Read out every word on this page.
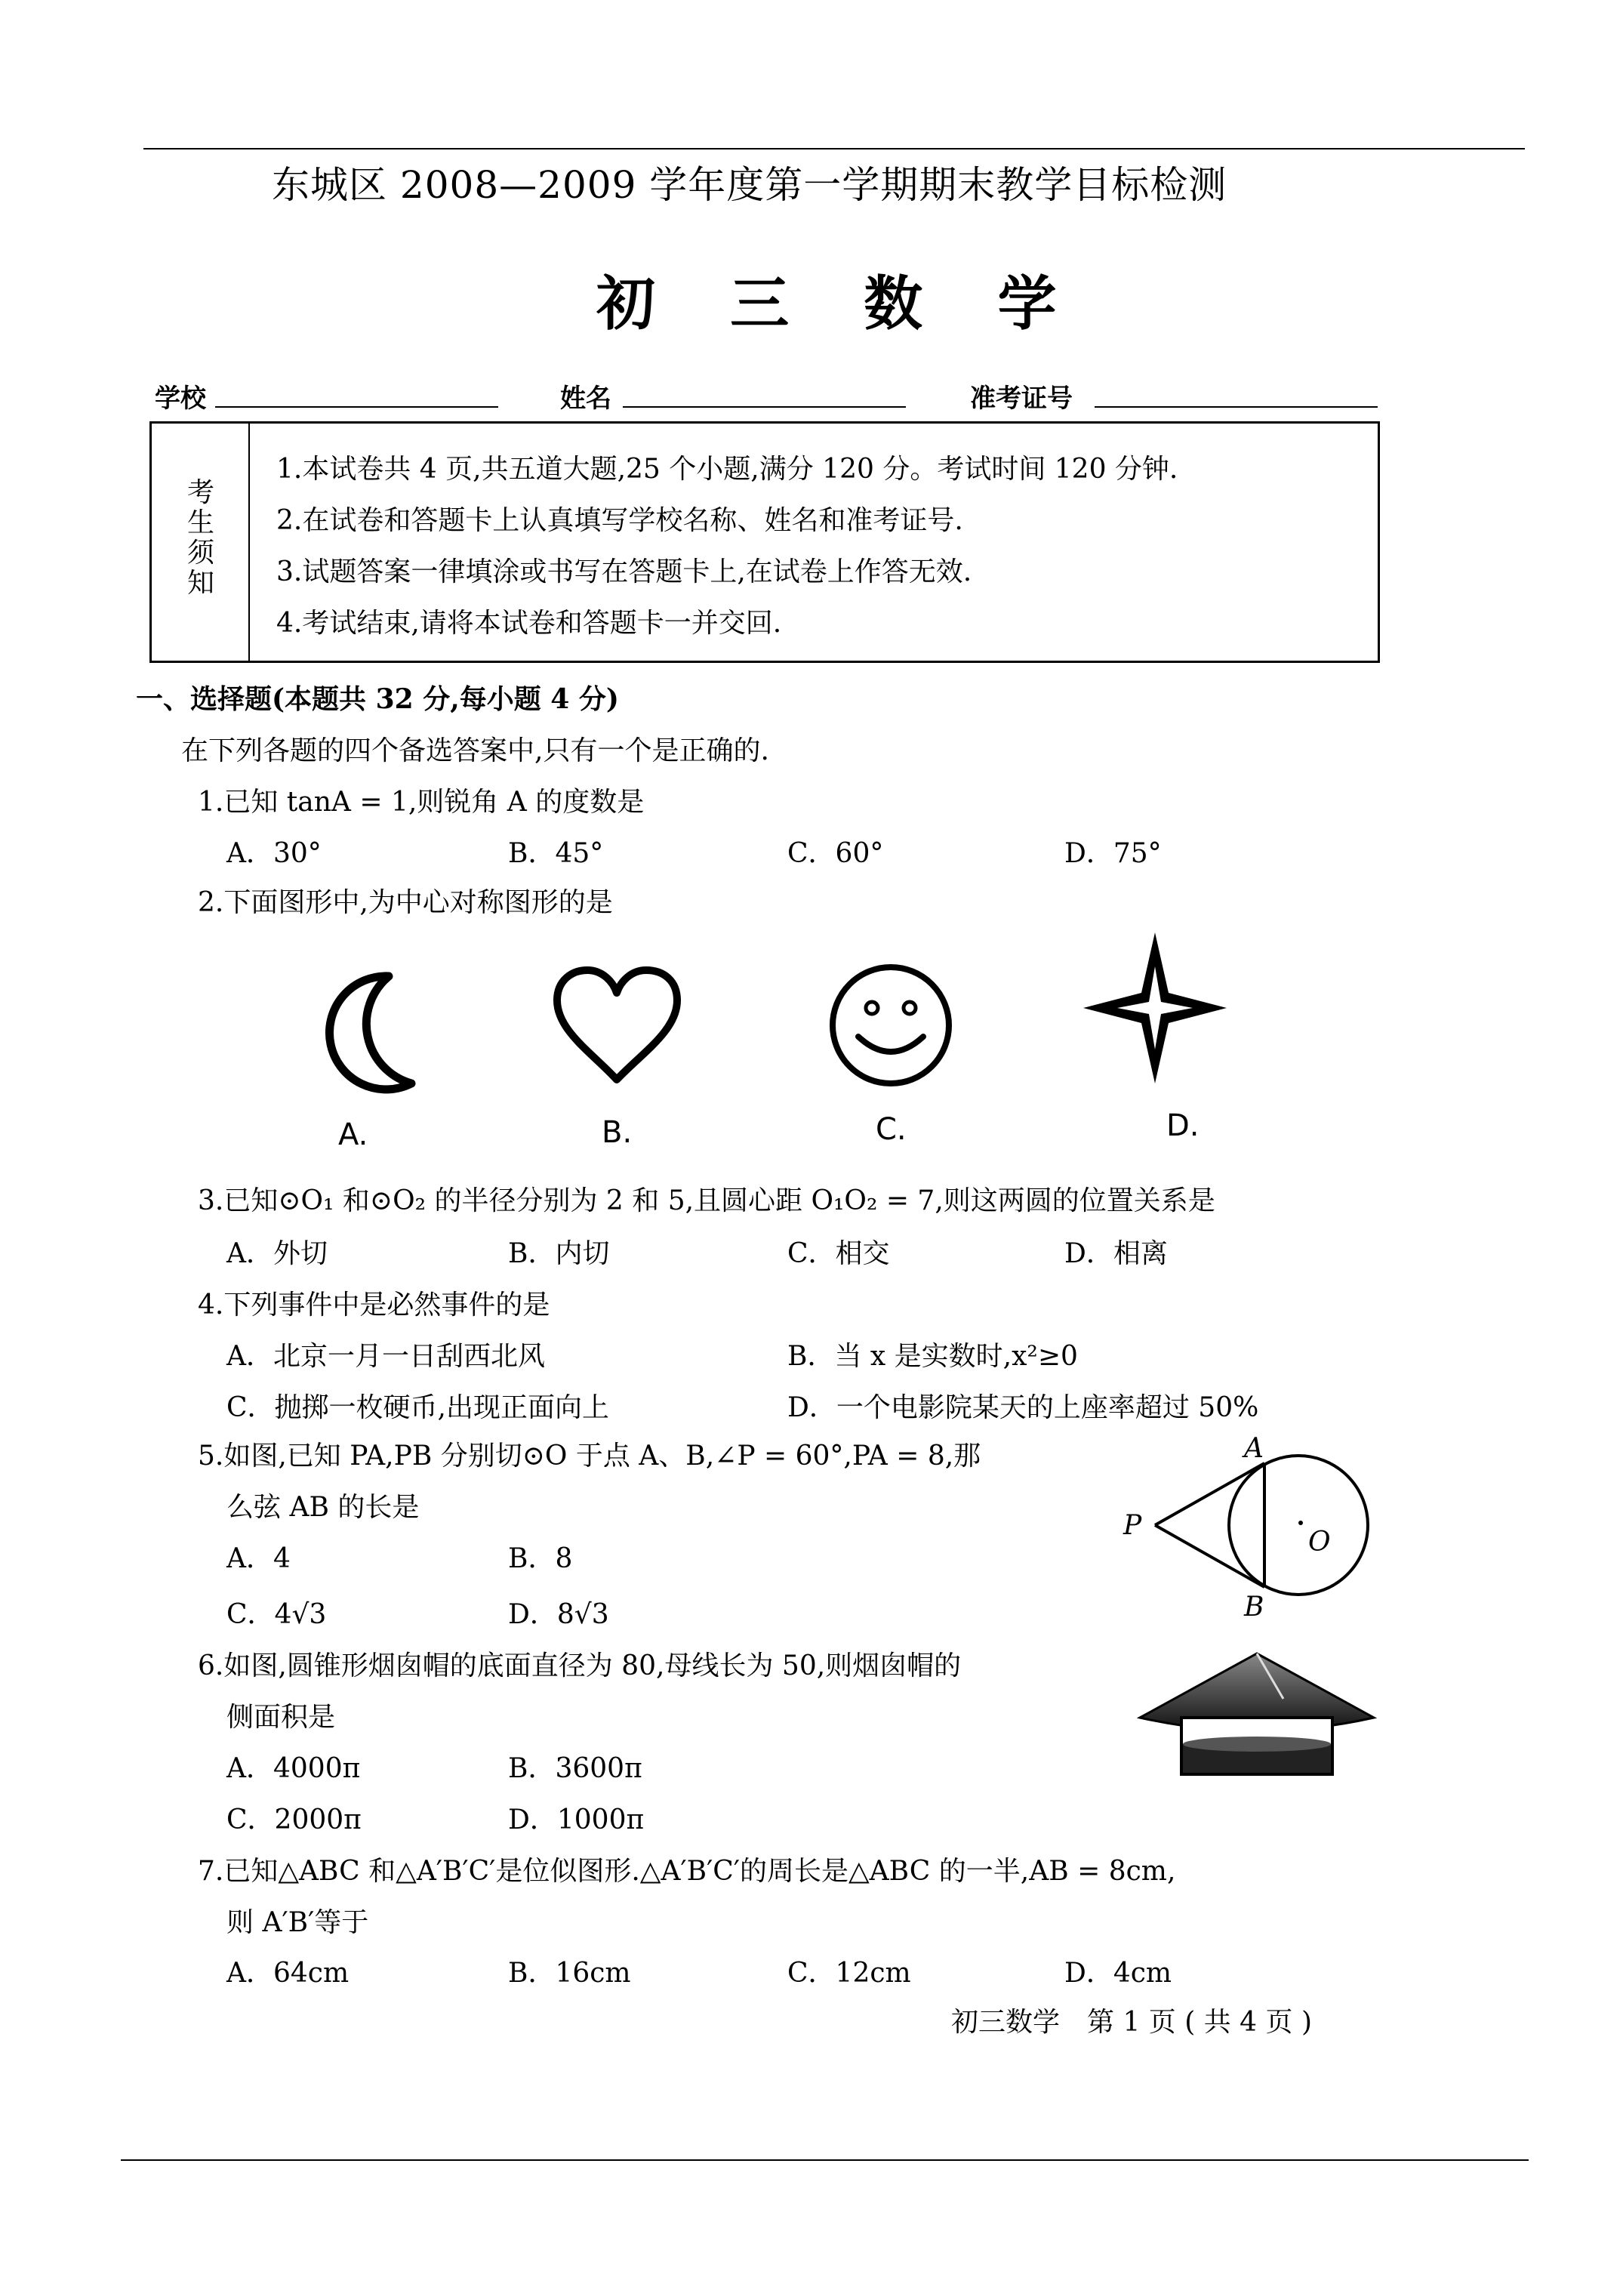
东城区 2008—2009 学年度第一学期期末教学目标检测
初 三 数 学
学校	姓名	准考证号
考生须知
1.本试卷共 4 页,共五道大题,25 个小题,满分 120 分。考试时间 120 分钟.
2.在试卷和答题卡上认真填写学校名称、姓名和准考证号.
3.试题答案一律填涂或书写在答题卡上,在试卷上作答无效.
4.考试结束,请将本试卷和答题卡一并交回.
一、选择题(本题共 32 分,每小题 4 分)
在下列各题的四个备选答案中,只有一个是正确的.
1.已知 tanA = 1,则锐角 A 的度数是
A．30°	B．45°	C．60°	D．75°
2.下面图形中,为中心对称图形的是
A.	B.	C.	D.
3.已知⊙O₁ 和⊙O₂ 的半径分别为 2 和 5,且圆心距 O₁O₂ = 7,则这两圆的位置关系是
A．外切	B．内切	C．相交	D．相离
4.下列事件中是必然事件的是
A．北京一月一日刮西北风	B．当 x 是实数时,x²≥0
C．抛掷一枚硬币,出现正面向上	D．一个电影院某天的上座率超过 50%
5.如图,已知 PA,PB 分别切⊙O 于点 A、B,∠P = 60°,PA = 8,那
么弦 AB 的长是
A．4	B．8
C．4√3	D．8√3
A
B
P
O
6.如图,圆锥形烟囱帽的底面直径为 80,母线长为 50,则烟囱帽的
侧面积是
A．4000π	B．3600π
C．2000π	D．1000π
7.已知△ABC 和△A′B′C′是位似图形.△A′B′C′的周长是△ABC 的一半,AB = 8cm,
则 A′B′等于
A．64cm	B．16cm	C．12cm	D．4cm
初三数学　第 1 页 ( 共 4 页 )
